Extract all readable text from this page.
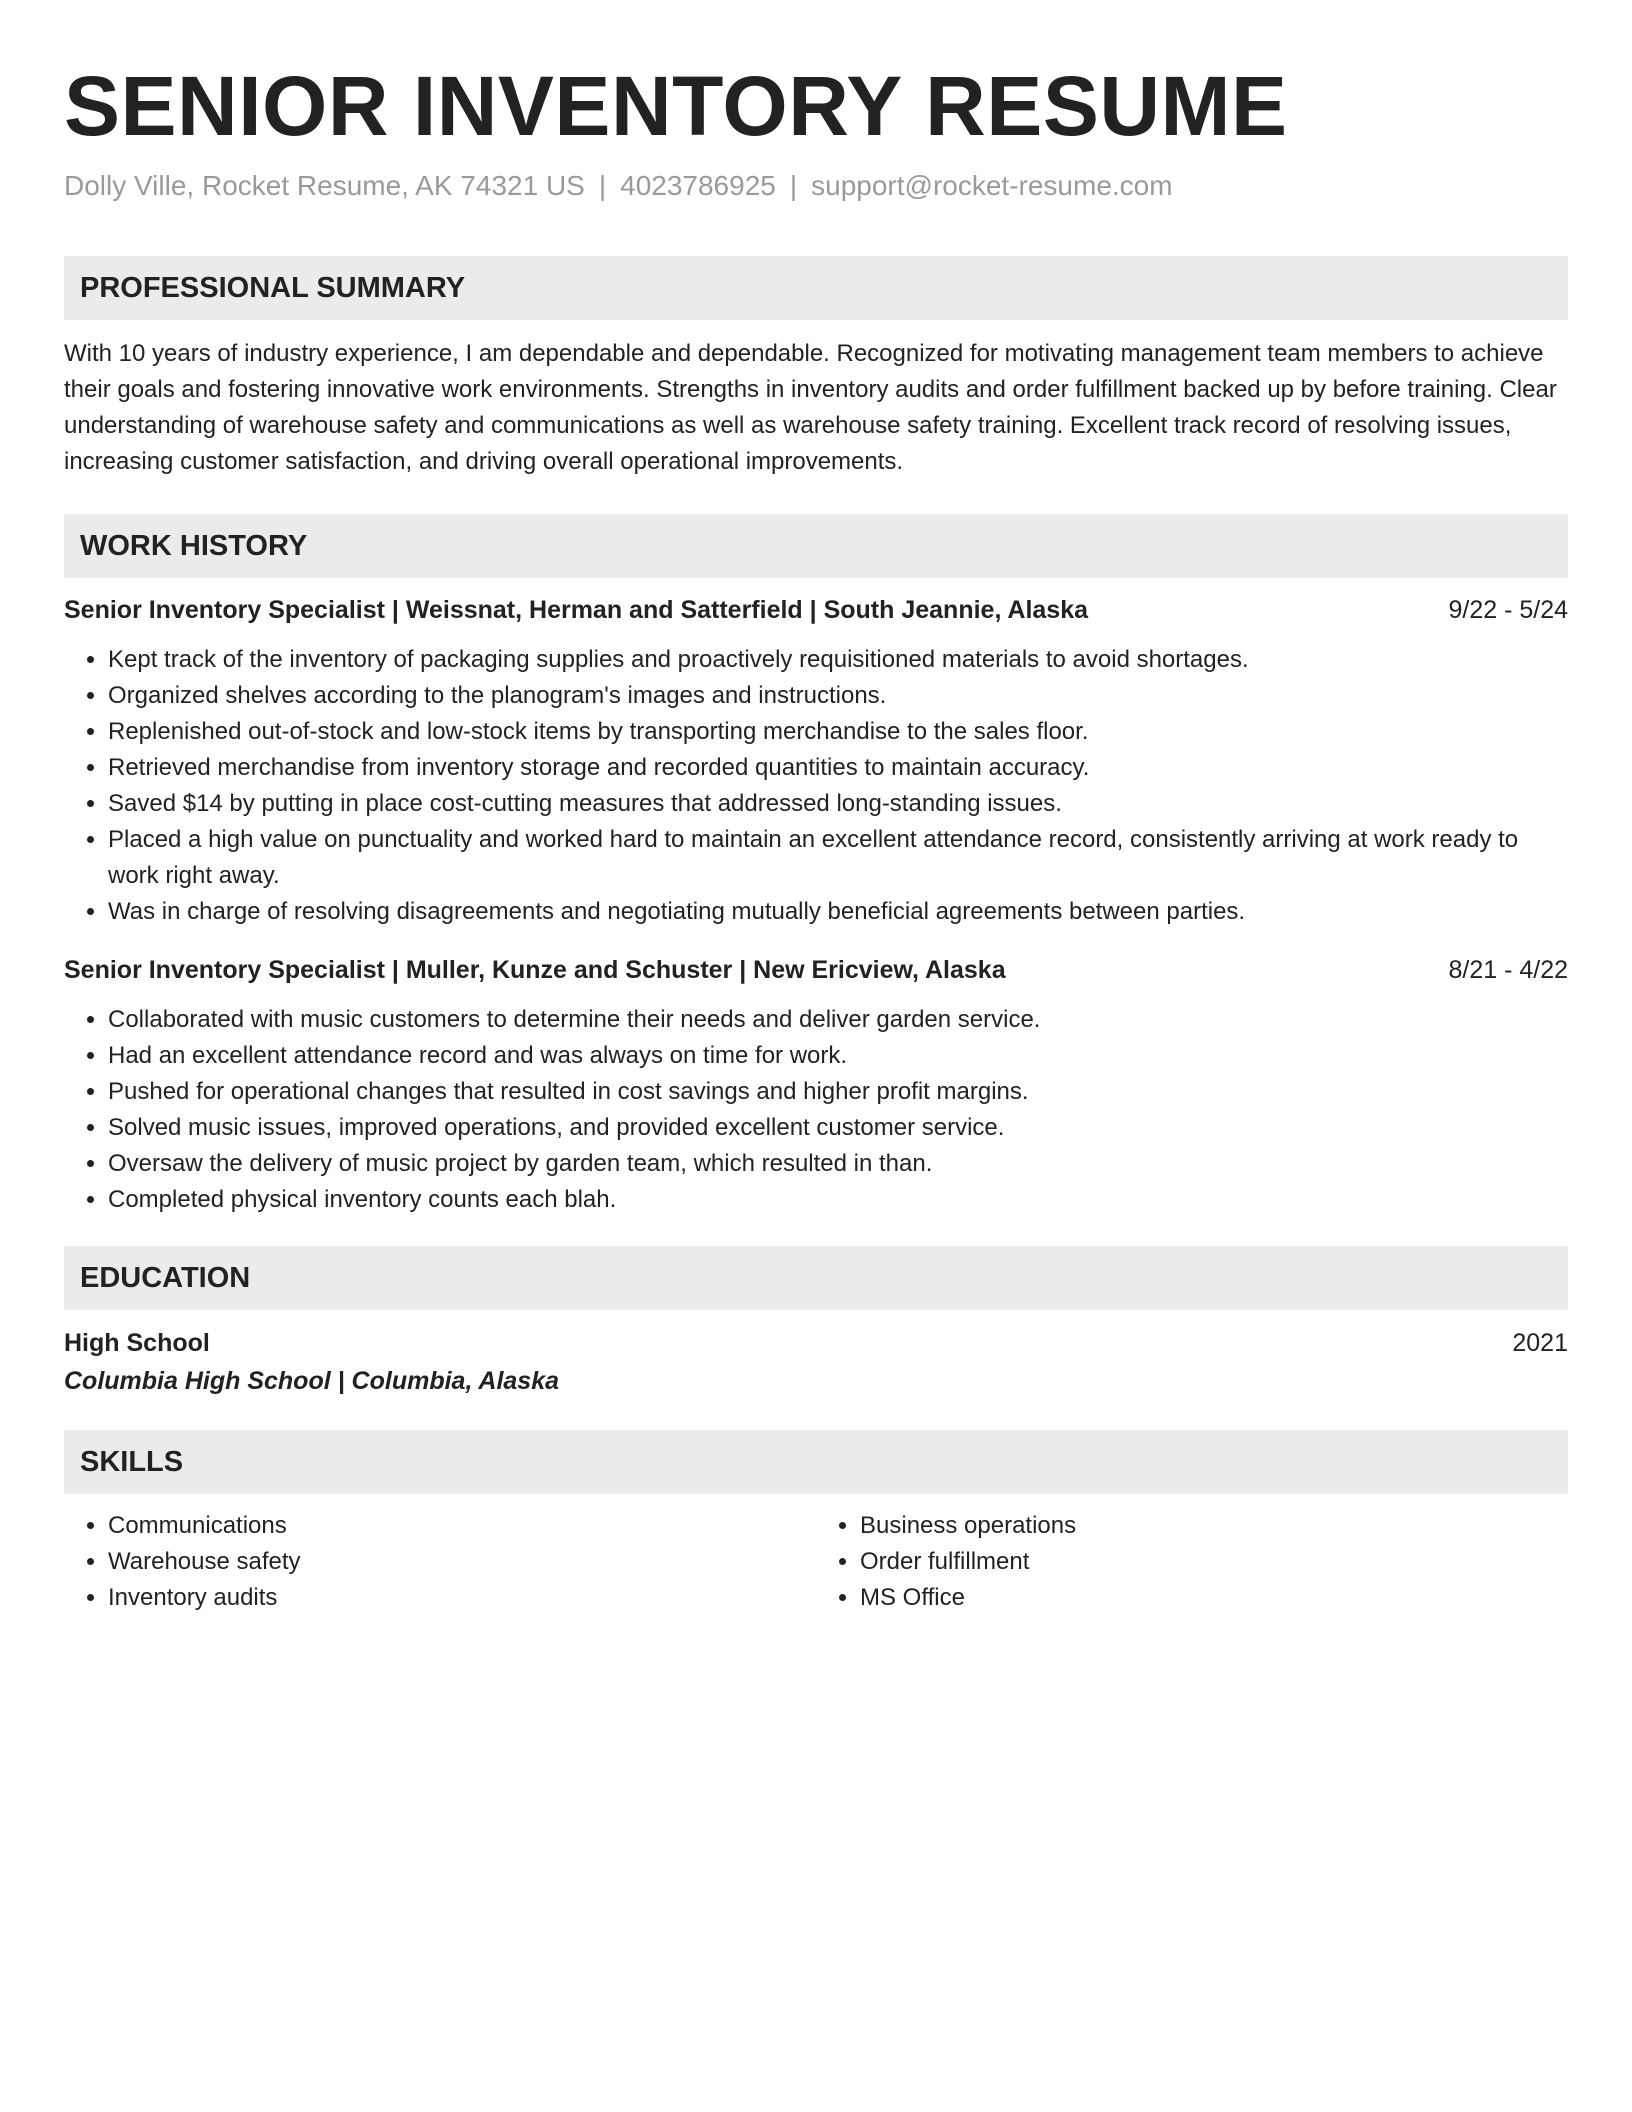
SENIOR INVENTORY RESUME
Dolly Ville, Rocket Resume, AK 74321 US | 4023786925 | support@rocket-resume.com
PROFESSIONAL SUMMARY
With 10 years of industry experience, I am dependable and dependable. Recognized for motivating management team members to achieve their goals and fostering innovative work environments. Strengths in inventory audits and order fulfillment backed up by before training. Clear understanding of warehouse safety and communications as well as warehouse safety training. Excellent track record of resolving issues, increasing customer satisfaction, and driving overall operational improvements.
WORK HISTORY
Senior Inventory Specialist | Weissnat, Herman and Satterfield | South Jeannie, Alaska	9/22 - 5/24
• Kept track of the inventory of packaging supplies and proactively requisitioned materials to avoid shortages.
• Organized shelves according to the planogram's images and instructions.
• Replenished out-of-stock and low-stock items by transporting merchandise to the sales floor.
• Retrieved merchandise from inventory storage and recorded quantities to maintain accuracy.
• Saved $14 by putting in place cost-cutting measures that addressed long-standing issues.
• Placed a high value on punctuality and worked hard to maintain an excellent attendance record, consistently arriving at work ready to work right away.
• Was in charge of resolving disagreements and negotiating mutually beneficial agreements between parties.
Senior Inventory Specialist | Muller, Kunze and Schuster | New Ericview, Alaska	8/21 - 4/22
• Collaborated with music customers to determine their needs and deliver garden service.
• Had an excellent attendance record and was always on time for work.
• Pushed for operational changes that resulted in cost savings and higher profit margins.
• Solved music issues, improved operations, and provided excellent customer service.
• Oversaw the delivery of music project by garden team, which resulted in than.
• Completed physical inventory counts each blah.
EDUCATION
High School	2021
Columbia High School | Columbia, Alaska
SKILLS
• Communications
• Warehouse safety
• Inventory audits
• Business operations
• Order fulfillment
• MS Office
